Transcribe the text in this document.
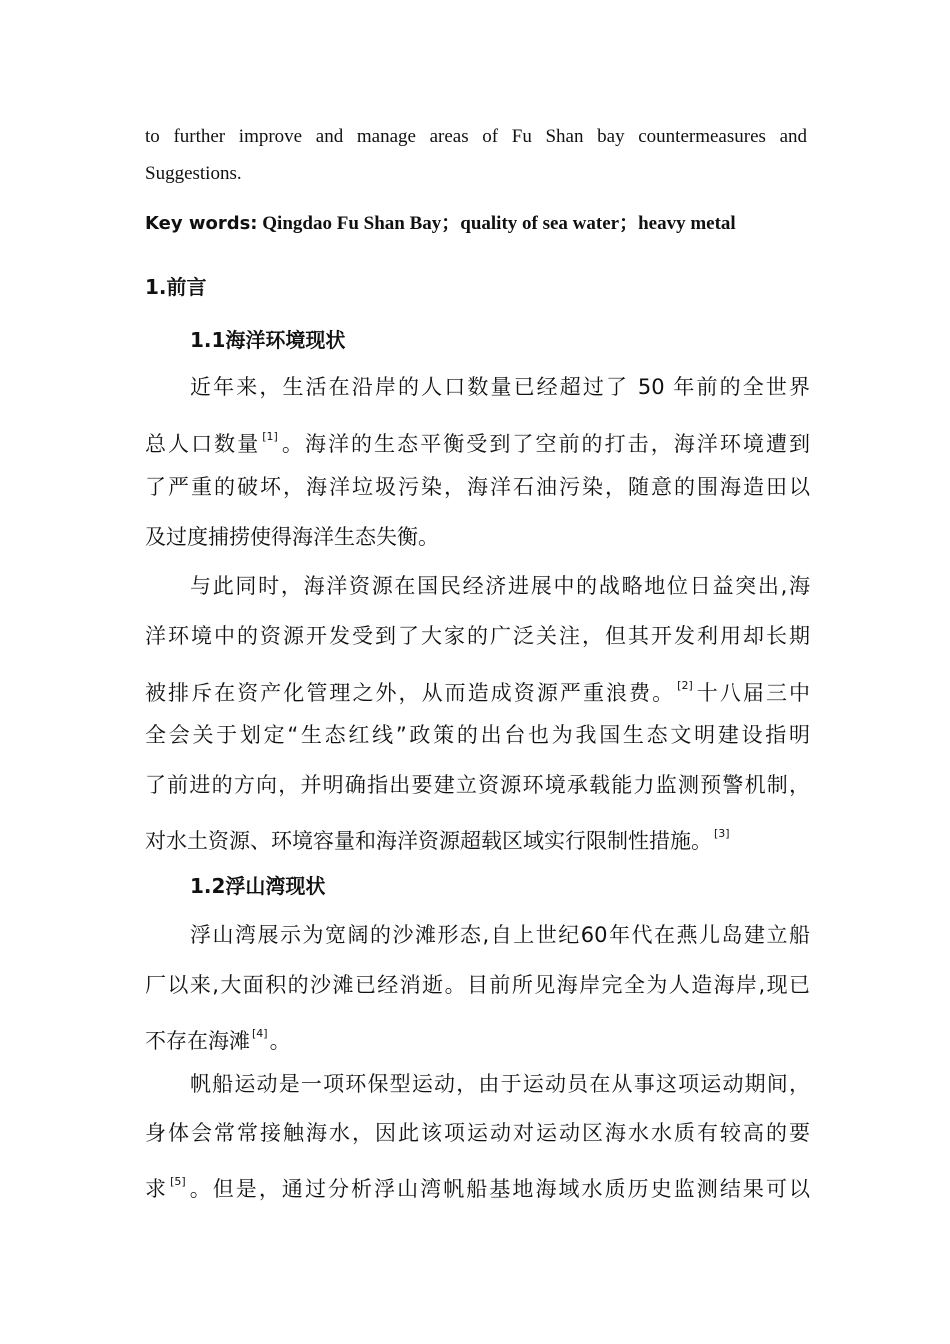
to further improve and manage areas of Fu Shan bay countermeasures and
Suggestions.
Key words: Qingdao Fu Shan Bay；quality of sea water；heavy metal
1.前言
1.1海洋环境现状
近年来，生活在沿岸的人口数量已经超过了 50 年前的全世界
总人口数量 [1]。海洋的生态平衡受到了空前的打击，海洋环境遭到
了严重的破坏，海洋垃圾污染，海洋石油污染，随意的围海造田以
及过度捕捞使得海洋生态失衡。
与此同时，海洋资源在国民经济进展中的战略地位日益突出,海
洋环境中的资源开发受到了大家的广泛关注，但其开发利用却长期
被排斥在资产化管理之外，从而造成资源严重浪费。 [2]十八届三中
全会关于划定“生态红线”政策的出台也为我国生态文明建设指明
了前进的方向，并明确指出要建立资源环境承载能力监测预警机制，
对水土资源、环境容量和海洋资源超载区域实行限制性措施。 [3]
1.2浮山湾现状
浮山湾展示为宽阔的沙滩形态,自上世纪60年代在燕儿岛建立船
厂以来,大面积的沙滩已经消逝。目前所见海岸完全为人造海岸,现已
不存在海滩 [4]。
帆船运动是一项环保型运动，由于运动员在从事这项运动期间，
身体会常常接触海水，因此该项运动对运动区海水水质有较高的要
求 [5]。但是，通过分析浮山湾帆船基地海域水质历史监测结果可以
